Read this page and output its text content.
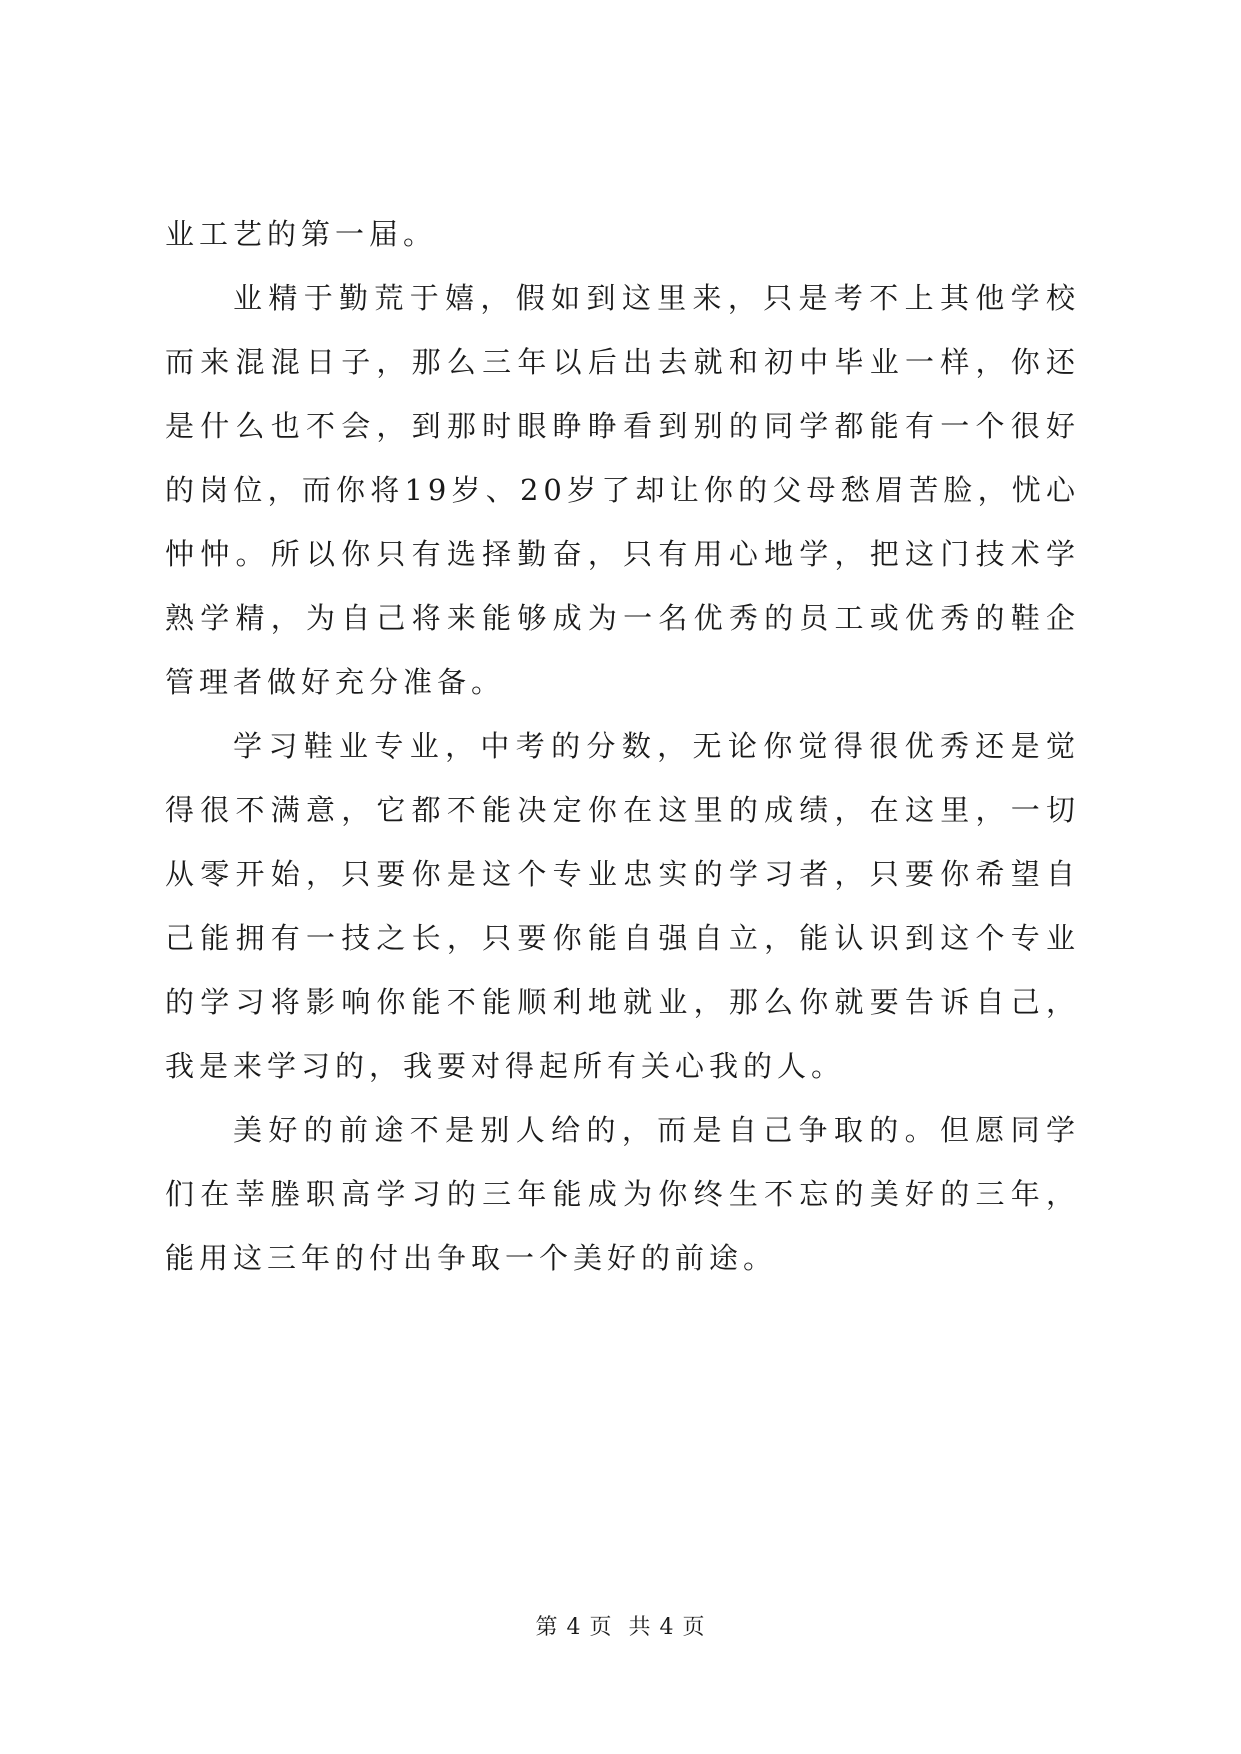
业工艺的第一届。

业精于勤荒于嬉，假如到这里来，只是考不上其他学校而来混混日子，那么三年以后出去就和初中毕业一样，你还是什么也不会，到那时眼睁睁看到别的同学都能有一个很好的岗位，而你将19岁、20岁了却让你的父母愁眉苦脸，忧心忡忡。所以你只有选择勤奋，只有用心地学，把这门技术学熟学精，为自己将来能够成为一名优秀的员工或优秀的鞋企管理者做好充分准备。

学习鞋业专业，中考的分数，无论你觉得很优秀还是觉得很不满意，它都不能决定你在这里的成绩，在这里，一切从零开始，只要你是这个专业忠实的学习者，只要你希望自己能拥有一技之长，只要你能自强自立，能认识到这个专业的学习将影响你能不能顺利地就业，那么你就要告诉自己，我是来学习的，我要对得起所有关心我的人。

美好的前途不是别人给的，而是自己争取的。但愿同学们在莘塍职高学习的三年能成为你终生不忘的美好的三年，能用这三年的付出争取一个美好的前途。

第 4 页  共 4 页
